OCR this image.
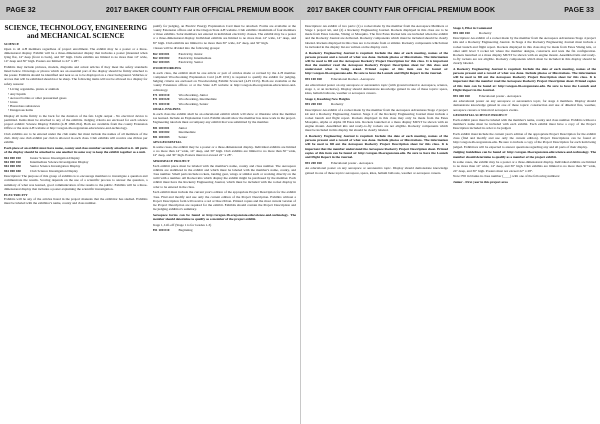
PAGE 32	2017 BAKER COUNTY FAIR OFFICIAL PREMIUM BOOK
SCIENCE, TECHNOLOGY, ENGINEERING and MECHANICAL SCIENCE
SCIENCE

Open to all 4-H members regardless of project enrollment. The exhibit may be a poster or a three-dimensional display. Exhibit will be a three-dimensional display that includes a poster (mounted when lying flat, 14" deep (front to back), and 30" high. Clubs exhibits are limited to no more than 14" wide, 14" deep and 30" high. Posters are limited to 22" x 28".

Exhibits may include pictures, models, diagrams and actual articles if they meet the safety standards listed below. Drawings or photos which are an essential part of the display should be firmly attached to the poster. Exhibits should be identified and neat so as to be displayed on a clear background. Vehicles or arrows that will be exhibited should not be sharp. The following items will not be allowed in a display for safety reasons:

• Living organisms- plants or animals
• Any liquids
• Aerosol bottles or other pressurized gases
• Glass
• Hazardous substances
• Dangerous items

Display all items firmly to the back for the duration of the fair. Light output - No electrical device is permitted. Items must be attached to any of the exhibits. Judging criteria are enclosed for each science project exhibit: Science Display Exhibit (4-H 1090-J04). Both are available from the county Extension Office or the state 4-H website at http://oregon.4h.oregonstate.edu/science-and-technology.

Club exhibits are to be entered under the club name but must include the names of all members of the club. Only one club exhibit per club is allowed in each class. Club exhibits will receive one ribbon per exhibit.

Each piece of an exhibit must have name, county and class number securely attached to it. All parts of the display should be attached to one another in some way to keep the exhibit together as a unit.

861 000 010	Junior Science Investigation Display
861 000 020	Intermediate Science Investigation Display
861 000 030	Senior Science Investigation Display
861 000 040	Club Science Investigation Display

Description: The purpose of this group of exhibits is to encourage members to investigate a question and communicate the results. Scoring depends on the use of a scientific process to answer the question, a summary of what was learned, good communication of the results to the public. Exhibits will be a three-dimensional display that includes a poster explaining the scientific investigation.

ELECTRICITY

Exhibits will be any of the articles listed in the project manuals that the exhibitor has studied. Exhibits must be labeled with the exhibitor's name, county and class number.

qualify for judging, an Electric Energy Explanation Card must be attached. Forms are available at the county Extension offices and at the Oregon State 4-H website. Club exhibits: maximum of four members or three exhibits. Solar members not entered in individual electricity classes. The exhibit may be a poster or a three-dimensional display. Individual exhibits are limited to no more than 14" wide, 14" deep, and 30" high. Club exhibits are limited to no more than 30" wide, 24" deep, and 30" high.

Classes will be divided into the following groups:

862 100 001	Electricity, Junior
862 100 002	Electricity, Intermediate
862 100 003	Electricity, Senior
WOODWORKING

In each class, the exhibit shall be one article or pair of articles made or revised by the 4-H member. Completed Woodworking Explanation Card (4-H 1031) is required to qualify the exhibit for judging. Judging criteria are enclosed on Woodworking Exhibit Scorecard (4-H 1015). Both are available at the county Extension offices or at the State 4-H website at http://oregon.4h.oregonstate.edu/science-and-technology.

871 100 010	Woodworking, Junior
871 100 020	Woodworking, Intermediate
871 100 030	Woodworking, Senior
SMALL ENGINES

In each class the exhibit shall be an educational exhibit which will show or illustrate what the member has learned. Include an Explanation Card. Exhibit should show the member has done work in the project. Engineering tutorials must accompany any exhibit that was submitted by the member.

881 100 001	Junior
881 100 002	Intermediate
881 100 003	Senior
GPS/GEOSPATIAL

In some cases, the exhibit may be a poster or a three-dimensional display. Individual exhibits are limited to no more than 14" wide, 14" deep, and 30" high. Club exhibits are limited to no more than 30" wide, 24" deep, and 30" high. Posters must not exceed 22" x 28".

AEROSPACE PROJECT

Each exhibit piece must be labeled with the member's name, county and class number. The Aerospace exhibits are stabilized in the exhibit and which must be labeled with the member's name, county, and class number. Small parts include rockets, landing gear, wings or similar such or working directly on the build with a number. All Rocket kits which display the exhibit might be purchased by the member. Each exhibit must have the Rocketry Engineering Journal, which must be included with the rocket display in order to be entered in the class.

Each exhibit must include the current year's edition of the appropriate Project Description for the exhibit class. Find and modify and use only the current edition of the Project Description. Exhibits without a Project Description form will receive a red or blue ribbon. Printed copies and the most current version of the Project Description are required for the exhibit. Exhibits should contain the Project Description and the judging exhibitor's summary.

Aerospace forms can be found at http://oregon.4h.oregonstate.edu/science-and-technology. The member should determine to qualify as a member of the project exhibit.

Stage 1, Lift-off (Stage 1 is for Grades 1-3)

891 100 010	Beginning
2017 BAKER COUNTY FAIR OFFICIAL PREMIUM BOOK	PAGE 33

Description: An exhibit of two parts: (1) a rocket made by the member from the Aerospace Members or Stage 1 project kit, and (2) a Rocketry Engineering Journal. Rockets displayed in this class are to be made from Estes Gnome, Viking or Mosquito. The first Estes Rocket kits are included when the exhibit and the Rocketry Journal are delivered. Rocketry components which must be included should be clearly labeled. Rockets displayed in this class are to be made from or similar. Rocketry components which must be included in the display list are written on the display card.

A Rocketry Engineering Journal is required. Include the date of each meeting, names of the persons present and a record of what was done. Include photos or illustrations. The information will be used to fill out the Aerospace Rocketry Project Description for this class. It is important that the member read the Aerospace Rocketry Project Description sheet for this class and understand what is being asked. Printed copies of this item can be found at: http://oregon.4h.oregonstate.edu. Be sure to have the Launch and Flight Report in the Journal.

891 100 020	Educational Rocket - Aerospace

An educational poster on any aerospace or aeronautics topic (with ground related to Aerospace, science, stage 1, or an inclusive). Display should demonstrate knowledge gained in one of these topics: space, kites, helium balloons, weather or aerospace careers.

Stage 2, Reaching New Heights
891 200 010	Rocketry

Description: An exhibit of a rocket made by the member from the Aerospace Adventures Stage 2 project kit and a Rocketry Engineering Journal. Stage 2 of the Rocketry Engineering Journal must include a rocket launch and flight report. Rockets displayed in this class may only be made from the Estes Mosquito, Alpha or Alpha III Estes kits. Rockets launched at a mass display MUST be shown with an engine mount. Assembled kits and ready-to-fly rockets are not eligible. Rocketry components which must be included in this display list should be clearly labeled.

A Rocketry Engineering Journal is required. Include the date of each meeting, names of the persons present and a record of what was done. Include photos or illustrations. The information will be used to fill out the Aerospace Rocketry Project Description sheet for this class. It is important that the member understand the Aerospace Rocketry Project Description sheet. Printed copies of this item can be found at: http://oregon.4h.oregonstate.edu. Be sure to have the Launch and Flight Report in the Journal.

891 200 020	Educational poster - Aerospace

An educational poster on any aerospace or aeronautics topic. Display should demonstrate knowledge gained in one of these topics: aerospace, space, kites, helium balloons, weather or aerospace careers.

Stage 4, Pilot in Command
891 400 010	Rocketry

Description: An exhibit of a rocket made by the member from the Aerospace Adventures Stage 4 project kits and a Rocketry Engineering Journal. In Stage 4 the Rocketry Engineering Journal must include a rocket launch and flight report. Rockets displayed in this class may be made from Estes Viking kits, or other skill level 3 rocket kit where the member designs, constructs and tests the fin configuration. Rockets launched at a mass display MUST be shown with an engine mount. Assembled kits and ready-to-fly rockets are not eligible. Rocketry components which must be included in this display should be clearly labeled.

A Rocketry Engineering Journal is required. Include the date of each meeting, names of the persons present and a record of what was done. Include photos or illustrations. The information will be used to fill out the Aerospace Rocketry Project Description sheet for this class. It is important that the member read the Aerospace Rocketry Project Description sheet. Printed copies of this item can be found at: http://oregon.4h.oregonstate.edu. Be sure to have the Launch and Flight Report in the Journal.

891 400 020	Educational poster - Aerospace

An educational poster on any aerospace or aeronautics topic, for stage 4 members. Display should demonstrate knowledge gained in one of these topics: construction and use of dihedral fins, weather, aerospace careers or historical aerospace events.

GEOSPATIAL SCIENCE PROJECT

Each exhibit piece must be labeled with the member's name, county and class number. Exhibits without a member's name must be included with each exhibit. Each exhibit must have a copy of the Project Description included in order to be judged.

Each exhibit must include the current year's edition of the appropriate Project Description for the exhibit class (find and modify and use only the current edition). Project Descriptions can be found at: http://oregon.4h.oregonstate.edu. Be sure to include a copy of the Project Description for each item being judged. Exhibitors will be expected to answer questions regarding any and all parts of their display.

Judging Guidelines can be found at: http://oregon.4h.oregonstate.edu/science-and-technology. The member should determine to qualify as a member of the project exhibit.

In some cases, the exhibit may be a poster or a three-dimensional display. Individual exhibits are limited to no more than 14" wide, 14" deep, and 30" high. Club exhibits are limited to no more than 30" wide, 24" deep, and 30" high. Posters must not exceed 22" x 28".

Note: Fill in blanks in class number (____) with one of the following numbers:

Junior - First year in this project area
